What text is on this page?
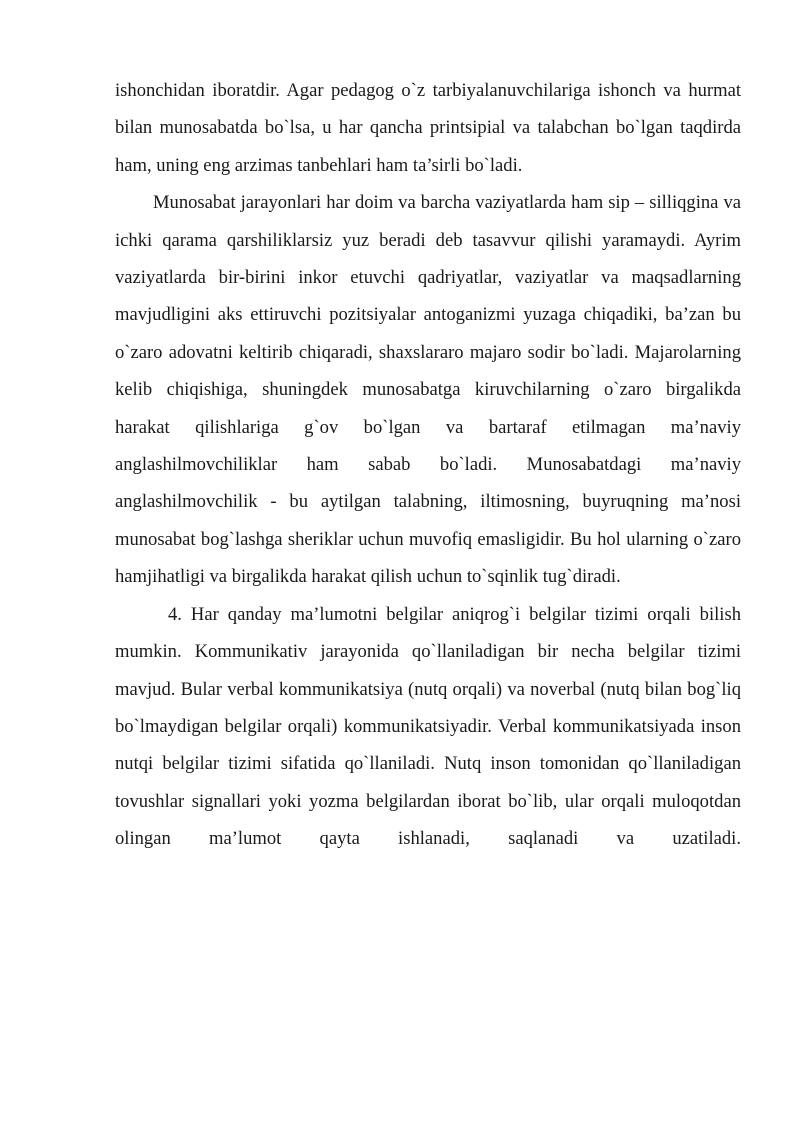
ishonchidan iboratdir. Agar pedagog o`z tarbiyalanuvchilariga ishonch va hurmat bilan munosabatda bo`lsa, u har qancha printsipial va talabchan bo`lgan taqdirda ham, uning eng arzimas tanbehlari ham ta’sirli bo`ladi.

Munosabat jarayonlari har doim va barcha vaziyatlarda ham sip – silliqgina va ichki qarama qarshiliklarsiz yuz beradi deb tasavvur qilishi yaramaydi. Ayrim vaziyatlarda bir-birini inkor etuvchi qadriyatlar, vaziyatlar va maqsadlarning mavjudligini aks ettiruvchi pozitsiyalar antoganizmi yuzaga chiqadiki, ba’zan bu o`zaro adovatni keltirib chiqaradi, shaxslararo majaro sodir bo`ladi. Majarolarning kelib chiqishiga, shuningdek munosabatga kiruvchilarning o`zaro birgalikda harakat qilishlariga g`ov bo`lgan va bartaraf etilmagan ma’naviy anglashilmovchiliklar ham sabab bo`ladi. Munosabatdagi ma’naviy anglashilmovchilik - bu aytilgan talabning, iltimosning, buyruqning ma’nosi munosabat bog`lashga sheriklar uchun muvofiq emasligidir. Bu hol ularning o`zaro hamjihatligi va birgalikda harakat qilish uchun to`sqinlik tug`diradi.

4. Har qanday ma’lumotni belgilar aniqrog`i belgilar tizimi orqali bilish mumkin. Kommunikativ jarayonida qo`llaniladigan bir necha belgilar tizimi mavjud. Bular verbal kommunikatsiya (nutq orqali) va noverbal (nutq bilan bog`liq bo`lmaydigan belgilar orqali) kommunikatsiyadir. Verbal kommunikatsiyada inson nutqi belgilar tizimi sifatida qo`llaniladi. Nutq inson tomonidan qo`llaniladigan tovushlar signallari yoki yozma belgilardan iborat bo`lib, ular orqali muloqotdan olingan ma’lumot qayta ishlanadi, saqlanadi va uzatiladi.
